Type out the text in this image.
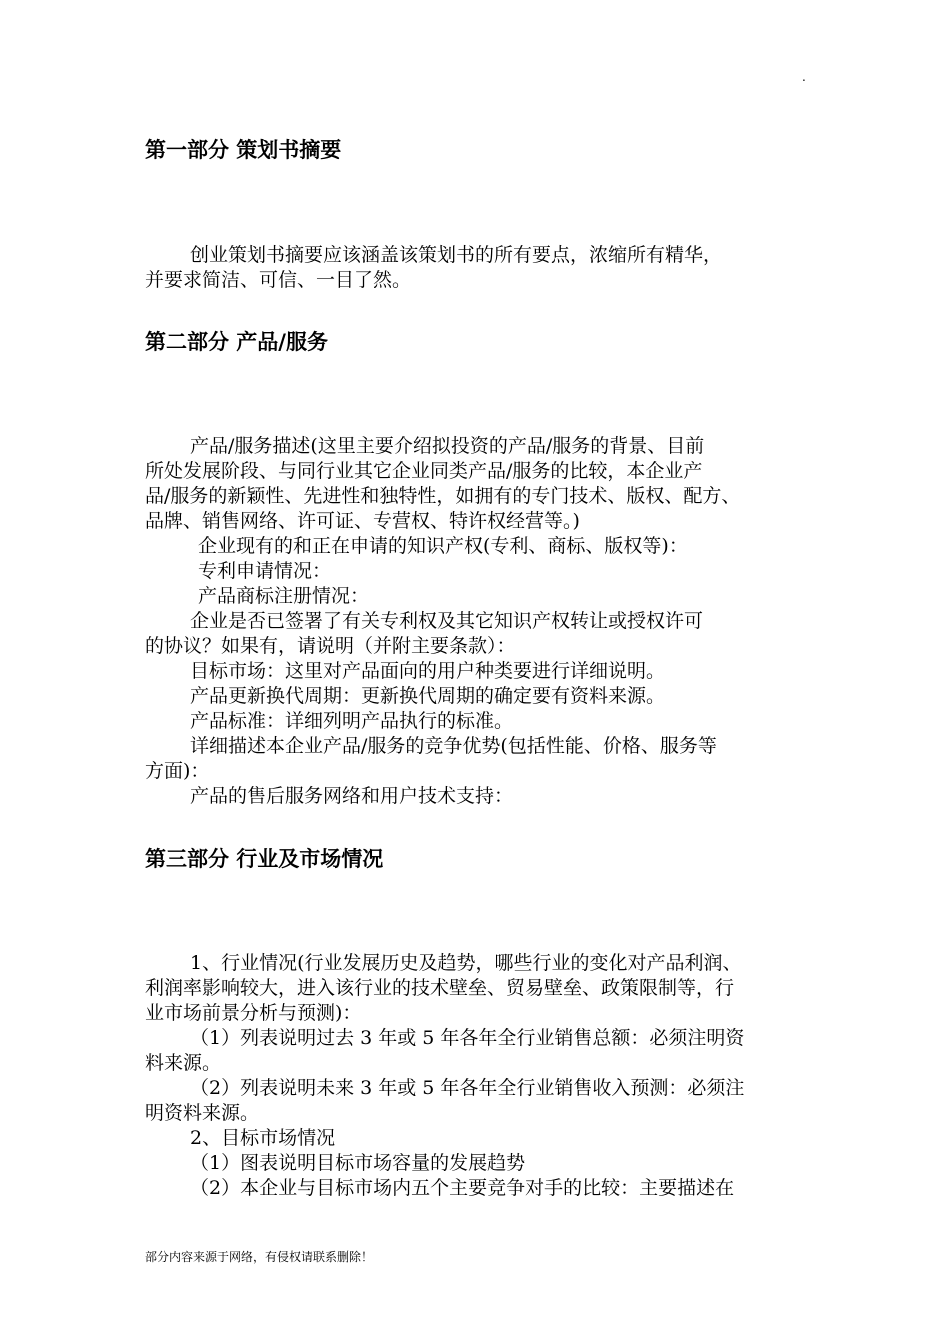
.
第一部分 策划书摘要

创业策划书摘要应该涵盖该策划书的所有要点，浓缩所有精华，

并要求简洁、可信、一目了然。

第二部分 产品/服务

产品/服务描述(这里主要介绍拟投资的产品/服务的背景、目前

所处发展阶段、与同行业其它企业同类产品/服务的比较，本企业产

品/服务的新颖性、先进性和独特性，如拥有的专门技术、版权、配方、

品牌、销售网络、许可证、专营权、特许权经营等。)

企业现有的和正在申请的知识产权(专利、商标、版权等)：

专利申请情况：

产品商标注册情况：

企业是否已签署了有关专利权及其它知识产权转让或授权许可

的协议？如果有，请说明（并附主要条款）：

目标市场：这里对产品面向的用户种类要进行详细说明。

产品更新换代周期：更新换代周期的确定要有资料来源。

产品标准：详细列明产品执行的标准。

详细描述本企业产品/服务的竞争优势(包括性能、价格、服务等

方面)：

产品的售后服务网络和用户技术支持：

第三部分 行业及市场情况

1、行业情况(行业发展历史及趋势，哪些行业的变化对产品利润、

利润率影响较大，进入该行业的技术壁垒、贸易壁垒、政策限制等，行

业市场前景分析与预测)：

（1）列表说明过去 3 年或 5 年各年全行业销售总额：必须注明资

料来源。

（2）列表说明未来 3 年或 5 年各年全行业销售收入预测：必须注

明资料来源。

2、目标市场情况

（1）图表说明目标市场容量的发展趋势

（2）本企业与目标市场内五个主要竞争对手的比较：主要描述在

部分内容来源于网络，有侵权请联系删除！
